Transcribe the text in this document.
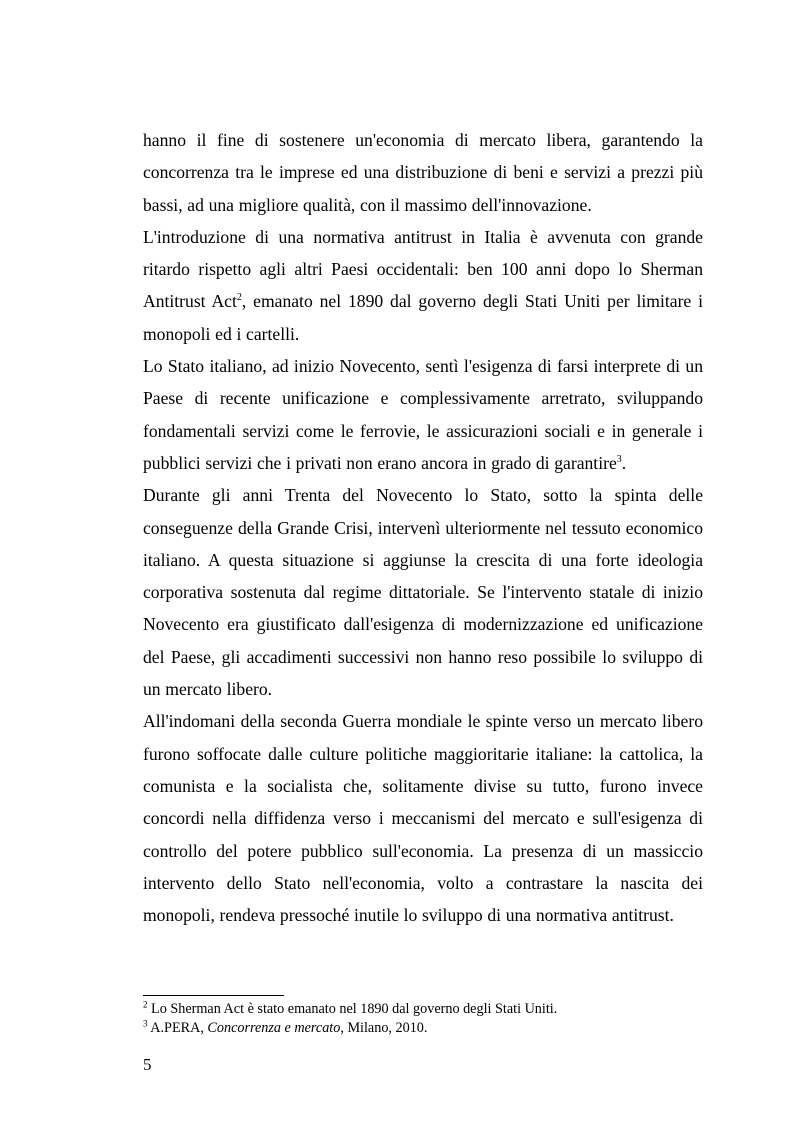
hanno il fine di sostenere un'economia di mercato libera, garantendo la concorrenza tra le imprese ed una distribuzione di beni e servizi a prezzi più bassi, ad una migliore qualità, con il massimo dell'innovazione.

L'introduzione di una normativa antitrust in Italia è avvenuta con grande ritardo rispetto agli altri Paesi occidentali: ben 100 anni dopo lo Sherman Antitrust Act$^2$, emanato nel 1890 dal governo degli Stati Uniti per limitare i monopoli ed i cartelli.

Lo Stato italiano, ad inizio Novecento, sentì l'esigenza di farsi interprete di un Paese di recente unificazione e complessivamente arretrato, sviluppando fondamentali servizi come le ferrovie, le assicurazioni sociali e in generale i pubblici servizi che i privati non erano ancora in grado di garantire$^3$.

Durante gli anni Trenta del Novecento lo Stato, sotto la spinta delle conseguenze della Grande Crisi, intervenì ulteriormente nel tessuto economico italiano. A questa situazione si aggiunse la crescita di una forte ideologia corporativa sostenuta dal regime dittatoriale. Se l'intervento statale di inizio Novecento era giustificato dall'esigenza di modernizzazione ed unificazione del Paese, gli accadimenti successivi non hanno reso possibile lo sviluppo di un mercato libero.

All'indomani della seconda Guerra mondiale le spinte verso un mercato libero furono soffocate dalle culture politiche maggioritarie italiane: la cattolica, la comunista e la socialista che, solitamente divise su tutto, furono invece concordi nella diffidenza verso i meccanismi del mercato e sull'esigenza di controllo del potere pubblico sull'economia. La presenza di un massiccio intervento dello Stato nell'economia, volto a contrastare la nascita dei monopoli, rendeva pressoché inutile lo sviluppo di una normativa antitrust.

$^2$ Lo Sherman Act è stato emanato nel 1890 dal governo degli Stati Uniti.

$^3$ A.PERA, Concorrenza e mercato, Milano, 2010.

5
